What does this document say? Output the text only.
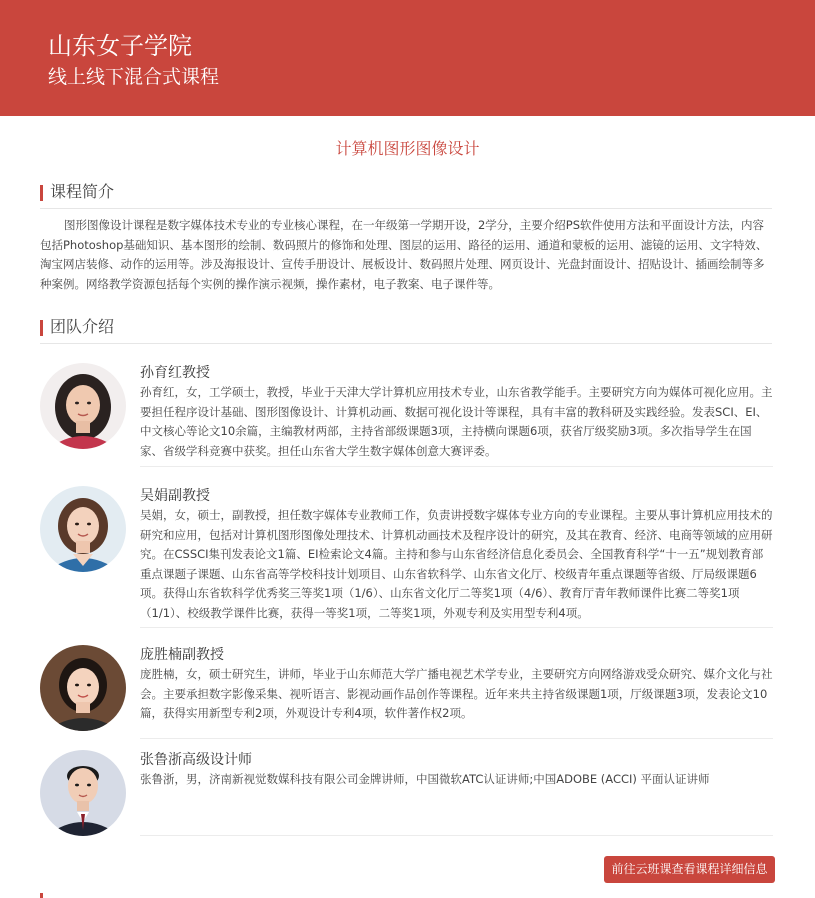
山东女子学院
线上线下混合式课程
计算机图形图像设计
课程简介

图形图像设计课程是数字媒体技术专业的专业核心课程，在一年级第一学期开设，2学分，主要介绍PS软件使用方法和平面设计方法，内容包括Photoshop基础知识、基本图形的绘制、数码照片的修饰和处理、图层的运用、路径的运用、通道和蒙板的运用、滤镜的运用、文字特效、淘宝网店装修、动作的运用等。涉及海报设计、宣传手册设计、展板设计、数码照片处理、网页设计、光盘封面设计、招贴设计、插画绘制等多种案例。网络教学资源包括每个实例的操作演示视频，操作素材，电子教案、电子课件等。

团队介绍
孙育红教授

孙育红，女，工学硕士，教授，毕业于天津大学计算机应用技术专业，山东省教学能手。主要研究方向为媒体可视化应用。主要担任程序设计基础、图形图像设计、计算机动画、数据可视化设计等课程，具有丰富的教科研及实践经验。发表SCI、EI、中文核心等论文10余篇，主编教材两部，主持省部级课题3项，主持横向课题6项，获省厅级奖励3项。多次指导学生在国家、省级学科竞赛中获奖。担任山东省大学生数字媒体创意大赛评委。

吴娟副教授

吴娟，女，硕士，副教授，担任数字媒体专业教师工作，负责讲授数字媒体专业方向的专业课程。主要从事计算机应用技术的研究和应用，包括对计算机图形图像处理技术、计算机动画技术及程序设计的研究，及其在教育、经济、电商等领域的应用研究。在CSSCI集刊发表论文1篇、EI检索论文4篇。主持和参与山东省经济信息化委员会、全国教育科学“十一五”规划教育部重点课题子课题、山东省高等学校科技计划项目、山东省软科学、山东省文化厅、校级青年重点课题等省级、厅局级课题6项。获得山东省软科学优秀奖三等奖1项（1/6）、山东省文化厅二等奖1项（4/6）、教育厅青年教师课件比赛二等奖1项（1/1）、校级教学课件比赛，获得一等奖1项，二等奖1项，外观专利及实用型专利4项。

庞胜楠副教授

庞胜楠，女，硕士研究生，讲师，毕业于山东师范大学广播电视艺术学专业，主要研究方向网络游戏受众研究、媒介文化与社会。主要承担数字影像采集、视听语言、影视动画作品创作等课程。近年来共主持省级课题1项，厅级课题3项，发表论文10篇，获得实用新型专利2项，外观设计专利4项，软件著作权2项。

张鲁浙高级设计师

张鲁浙，男，济南新视觉数媒科技有限公司金牌讲师，中国微软ATC认证讲师;中国ADOBE (ACCI) 平面认证讲师

前往云班课查看课程详细信息
